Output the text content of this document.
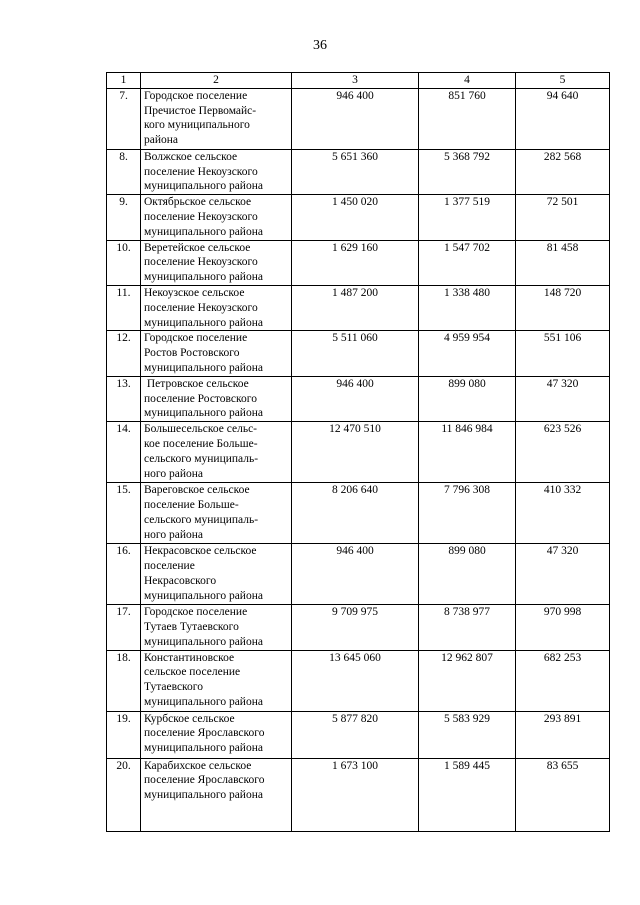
36
1	2	3	4	5
7.	Городское поселение
Пречистое Первомайс-
кого муниципального
района	946 400	851 760	94 640
8.	Волжское сельское
поселение Некоузского
муниципального района	5 651 360	5 368 792	282 568
9.	Октябрьское сельское
поселение Некоузского
муниципального района	1 450 020	1 377 519	72 501
10.	Веретейское сельское
поселение Некоузского
муниципального района	1 629 160	1 547 702	81 458
11.	Некоузское сельское
поселение Некоузского
муниципального района	1 487 200	1 338 480	148 720
12.	Городское поселение
Ростов Ростовского
муниципального района	5 511 060	4 959 954	551 106
13.	Петровское сельское
поселение Ростовского
муниципального района	946 400	899 080	47 320
14.	Большесельское сельс-
кое поселение Больше-
сельского муниципаль-
ного района	12 470 510	11 846 984	623 526
15.	Вареговское сельское
поселение Больше-
сельского муниципаль-
ного района	8 206 640	7 796 308	410 332
16.	Некрасовское сельское
поселение
Некрасовского
муниципального района	946 400	899 080	47 320
17.	Городское поселение
Тутаев Тутаевского
муниципального района	9 709 975	8 738 977	970 998
18.	Константиновское
сельское поселение
Тутаевского
муниципального района	13 645 060	12 962 807	682 253
19.	Курбское сельское
поселение Ярославского
муниципального района	5 877 820	5 583 929	293 891
20.	Карабихское сельское
поселение Ярославского
муниципального района	1 673 100	1 589 445	83 655
